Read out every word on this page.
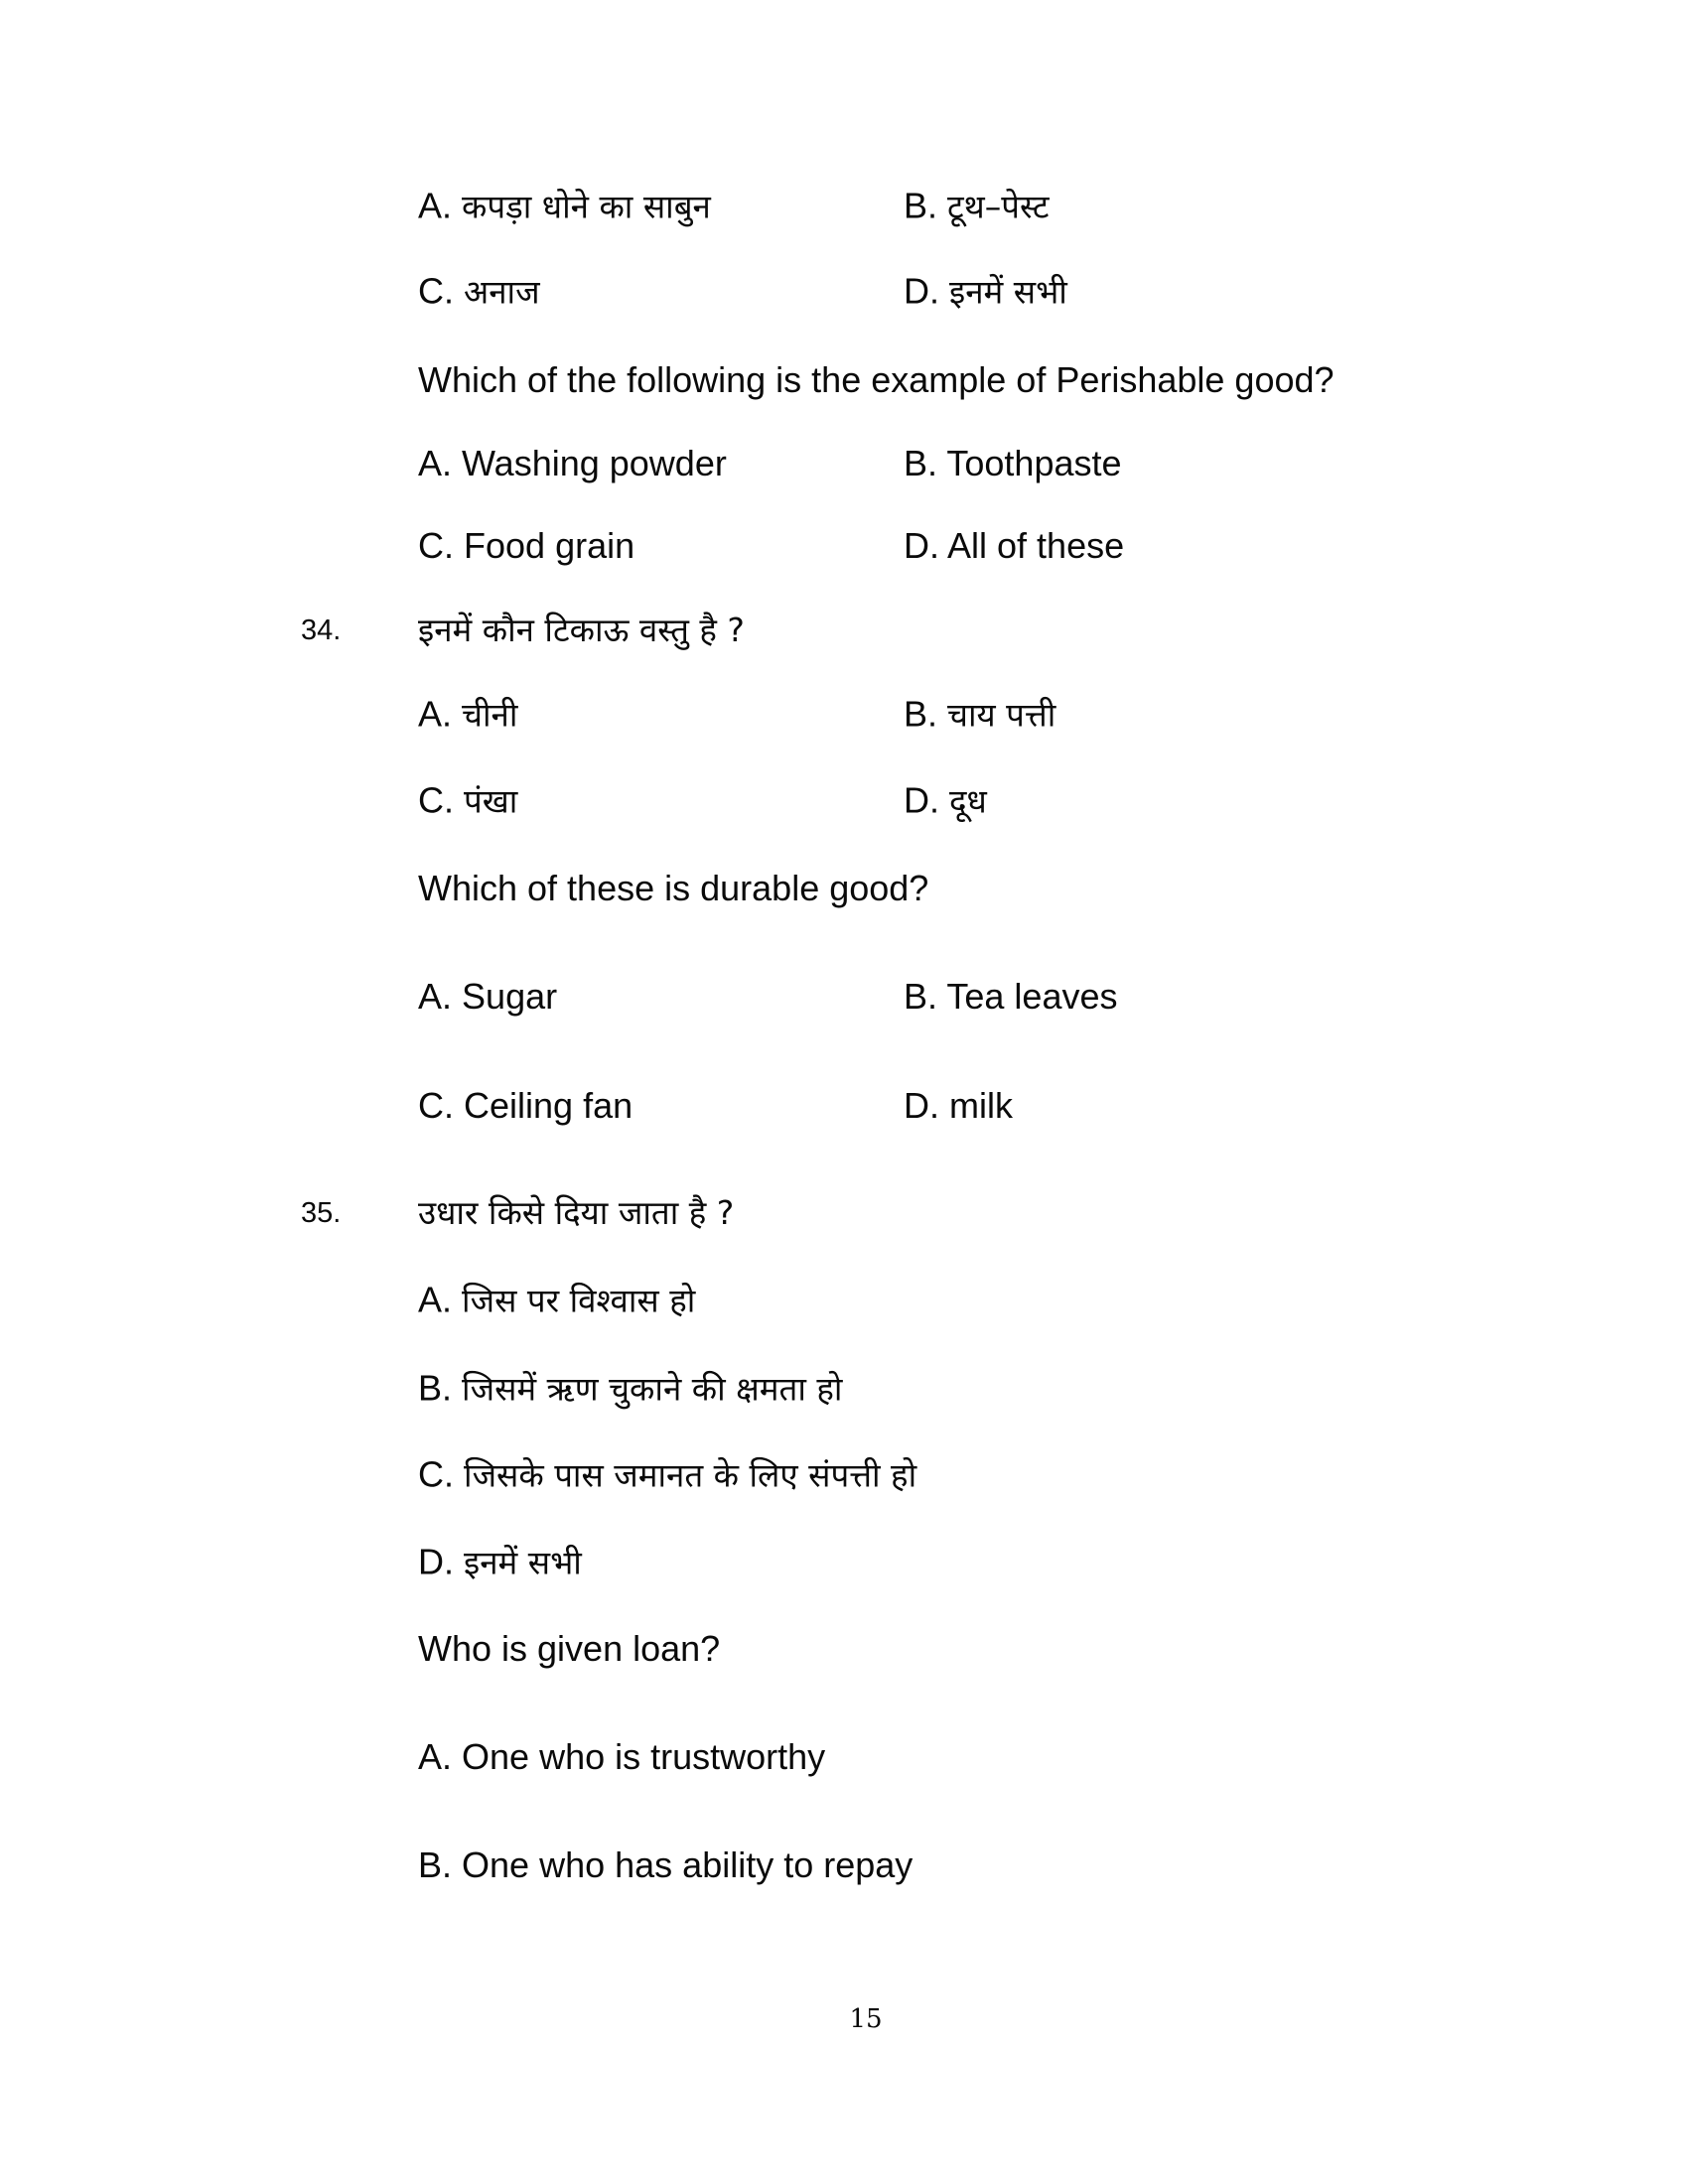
A. कपड़ा धोने का साबुन	B. टूथ–पेस्ट
C. अनाज	D. इनमें सभी
Which of the following is the example of Perishable good?
A. Washing powder	B. Toothpaste
C. Food grain	D. All of these
34. इनमें कौन टिकाऊ वस्तु है ?
A. चीनी	B. चाय पत्ती
C. पंखा	D. दूध
Which of these is durable good?
A. Sugar	B. Tea leaves
C. Ceiling fan	D. milk
35. उधार किसे दिया जाता है ?
A. जिस पर विश्वास हो
B. जिसमें ऋण चुकाने की क्षमता हो
C. जिसके पास जमानत के लिए संपत्ती हो
D. इनमें सभी
Who is given loan?
A. One who is trustworthy
B. One who has ability to repay
15
